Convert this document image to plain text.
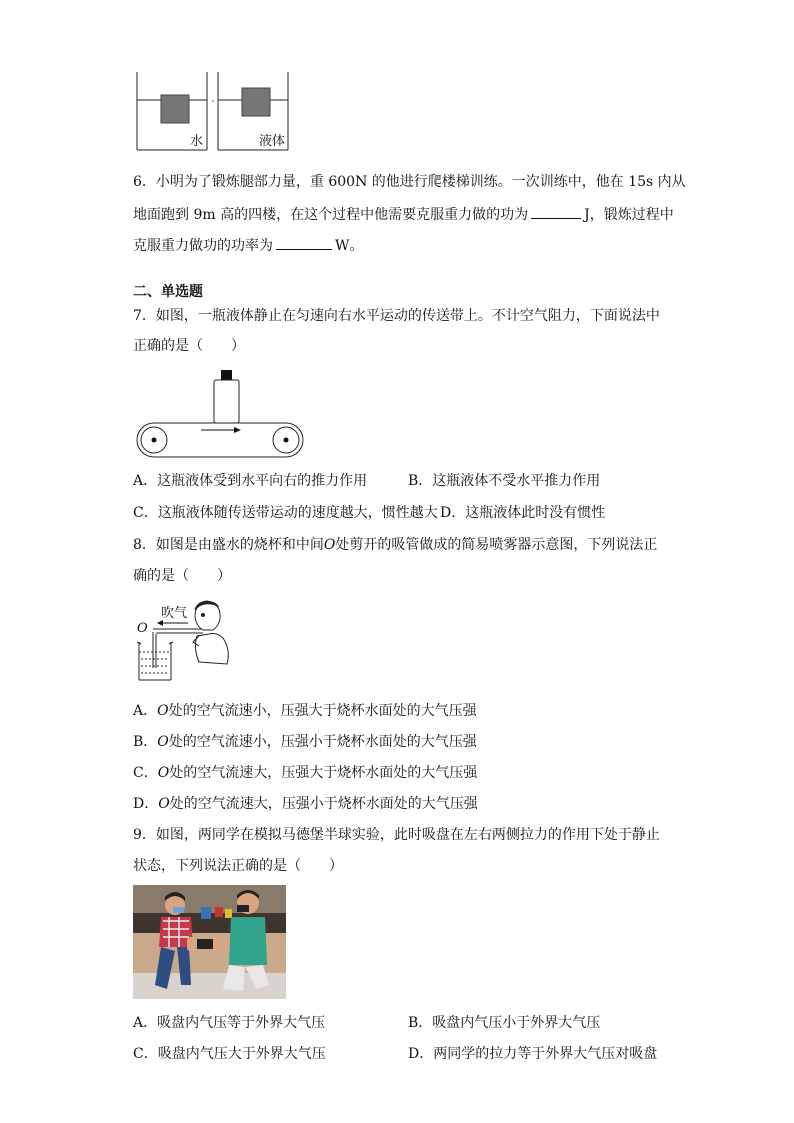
水	液体
6．小明为了锻炼腿部力量，重 600N 的他进行爬楼梯训练。一次训练中，他在 15s 内从
地面跑到 9m 高的四楼，在这个过程中他需要克服重力做的功为	J，锻炼过程中
克服重力做功的功率为	W。
二、单选题
7．如图，一瓶液体静止在匀速向右水平运动的传送带上。不计空气阻力，下面说法中
正确的是（　　）
A．这瓶液体受到水平向右的推力作用	B．这瓶液体不受水平推力作用
C．这瓶液体随传送带运动的速度越大，惯性越大 D．这瓶液体此时没有惯性
8．如图是由盛水的烧杯和中间O处剪开的吸管做成的简易喷雾器示意图，下列说法正
确的是（　　）
吹气
O
A．O处的空气流速小，压强大于烧杯水面处的大气压强
B．O处的空气流速小，压强小于烧杯水面处的大气压强
C．O处的空气流速大，压强大于烧杯水面处的大气压强
D．O处的空气流速大，压强小于烧杯水面处的大气压强
9．如图，两同学在模拟马德堡半球实验，此时吸盘在左右两侧拉力的作用下处于静止
状态，下列说法正确的是（　　）
A．吸盘内气压等于外界大气压	B．吸盘内气压小于外界大气压
C．吸盘内气压大于外界大气压	D．两同学的拉力等于外界大气压对吸盘
